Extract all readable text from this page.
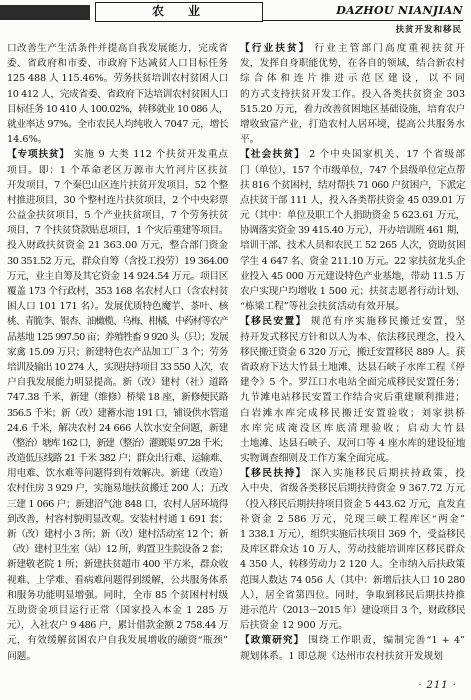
农　业	DAZHOU NIANJIAN
扶贫开发和移民
口改善生产生活条件并提高自我发展能力，完成省
委、省政府和市委、市政府下达减贫人口目标任务
125 488 人 115.46%。劳务扶贫培训农村贫困人口
10 412 人，完成省委、省政府下达培训农村贫困人口
目标任务 10 410 人 100.02%，转移就业 10 086 人，
就业率达 97%。全市农民人均纯收入 7047 元，增长
14.6%。
【专项扶贫】 实施 9 大类 112 个扶贫开发重点
项目。即：1 个革命老区万源市大竹河片区扶贫
开发项目，7 个秦巴山区连片扶贫开发项目，52 个整
村推进项目，30 个整村连片扶贫项目，2 个中央彩票
公益金扶贫项目，5 个产业扶贫项目，7 个劳务扶贫
项目，7 个扶贫贷款贴息项目，1 个灾后重建等项目。
投入财政扶贫资金 21 363.00 万元，整合部门资金
30 351.52 万元，群众自筹（含投工投劳）19 364.00
万元，业主自筹及其它资金 14 924.54 万元。项目区
覆盖 173 个行政村，353 168 名农村人口（含农村贫
困人口 101 171 名）。发展优质特色魔芋、茶叶、核
桃、青脆李、银杏、油橄榄、乌梅、柑橘、中药材等农产
品基地 125 997.50 亩；养殖牲畜 9 920 头（只）；发展
家禽 15.09 万只；新建特色农产品加工厂 3 个；劳务
培训及输出 10 274 人，实现扶持项目 33 550 人次，农
户自我发展能力明显提高。新（改）建村（社）道路
747.38 千米，新建（维修）桥梁 18 座，新修便民路
356.5 千米；新（改）建蓄水池 191 口，铺设供水管道
24.6 千米，解决农村 24 666 人饮水安全问题，新建
（整治）塘库 162 口，新建（整治）灌溉渠 97.28 千米；
改造低压线路 21 千米 382 户；群众出行难、运输难、
用电难、饮水难等问题得到有效解决。新建（改造）
农村住房 3 929 户，实施易地扶贫搬迁 200 人；五改
三建 1 066 户；新建沼气池 848 口，农村人居环境得
到改善，村容村貌明显改观。安装村村通 1 691 套；
新（改）建村小 3 所；新（改）建村活动室 12 个；新
（改）建村卫生室（站）12 所，购置卫生院设备 2 套；
新建敬老院 1 所；新建扶贫超市 400 平方米，群众收
视难、上学难、看病难问题得到缓解，公共服务体系
和服务功能明显增强。同时，全市 85 个贫困村村级
互助资金项目运行正常（国家投入本金 1 285 万
元），入社农户 9 486 户，累计借款金额 2 758.44 万
元，有效缓解贫困农户自我发展增收的融资“瓶颈”
问题。
【行业扶贫】 行业主管部门高度重视扶贫开
发，发挥自身职能优势，在各自的领域，结合新农村
综合体和连片推进示范区建设，以不同
的方式支持扶贫开发工作。投入各类扶贫资金 303
515.20 万元，着力改善贫困地区基础设施，培育农户
增收致富产业，打造农村人居环境，提高公共服务水
平。
【社会扶贫】 2 个中央国家机关、17 个省级部
门（单位），157 个市级单位，747 个县级单位定点帮
扶 816 个贫困村，结对帮扶 71 060 户贫困户，下派定
点扶贫干部 111 人，投入各类帮扶资金 45 039.01 万
元（其中：单位及职工个人捐助资金 5 623.61 万元，
协调落实资金 39 415.40 万元），开办培训班 461 期，
培训干部、技术人员和农民工 52 265 人次，资助贫困
学生 4 647 名、资金 211.10 万元。22 家扶贫龙头企
业投入 45 000 万元建设特色产业基地，带动 11.5 万
农户实现户均增收 1 500 元；扶贫志愿者行动计划、
“栋梁工程”等社会扶贫活动有效开展。
【移民安置】 规范有序实施移民搬迁安置，坚
持开发式移民方针和以人为本、依法移民理念，投入
移民搬迁资金 6 320 万元，搬迁安置移民 889 人。获
省政府下达大竹县土地滩、达县石峡子水库工程《停
建令》5 个。罗江口水电站全面完成移民安置任务；
九节滩电站移民安置工作结合灾后重建顺利推进；
白岩滩水库完成移民搬迁安置验收；刘家拱桥
水库完成淹没区库底清理验收；启动大竹县
土地滩、达县石峡子、双河口等 4 座水库的建设征地
实物调查细则及工作方案全面完成。
【移民扶持】 深入实施移民后期扶持政策，投
入中央、省级各类移民后期扶持资金 9 367.72 万元
（投入移民后期扶持项目资金 5 443.62 万元，直发直
补资金 2 586 万元，兑现三峡工程库区“两金”
1 338.1 万元），组织实施后扶项目 369 个，受益移民
及库区群众达 10 万人，劳动技能培训库区移民群众
4 350 人，转移劳动力 2 120 人。全市纳入后扶政策
范围人数达 74 056 人（其中：新增后扶人口 10 280
人），居全省第四位。同时，争取到移民后期扶持推
进示范片（2013－2015 年）建设项目 3 个，财政移民
后扶资金 12 900 万元。
【政策研究】 围绕工作职责，编制完善“1 + 4”
规划体系。1 即总规《达州市农村扶贫开发规划
· 211 ·
